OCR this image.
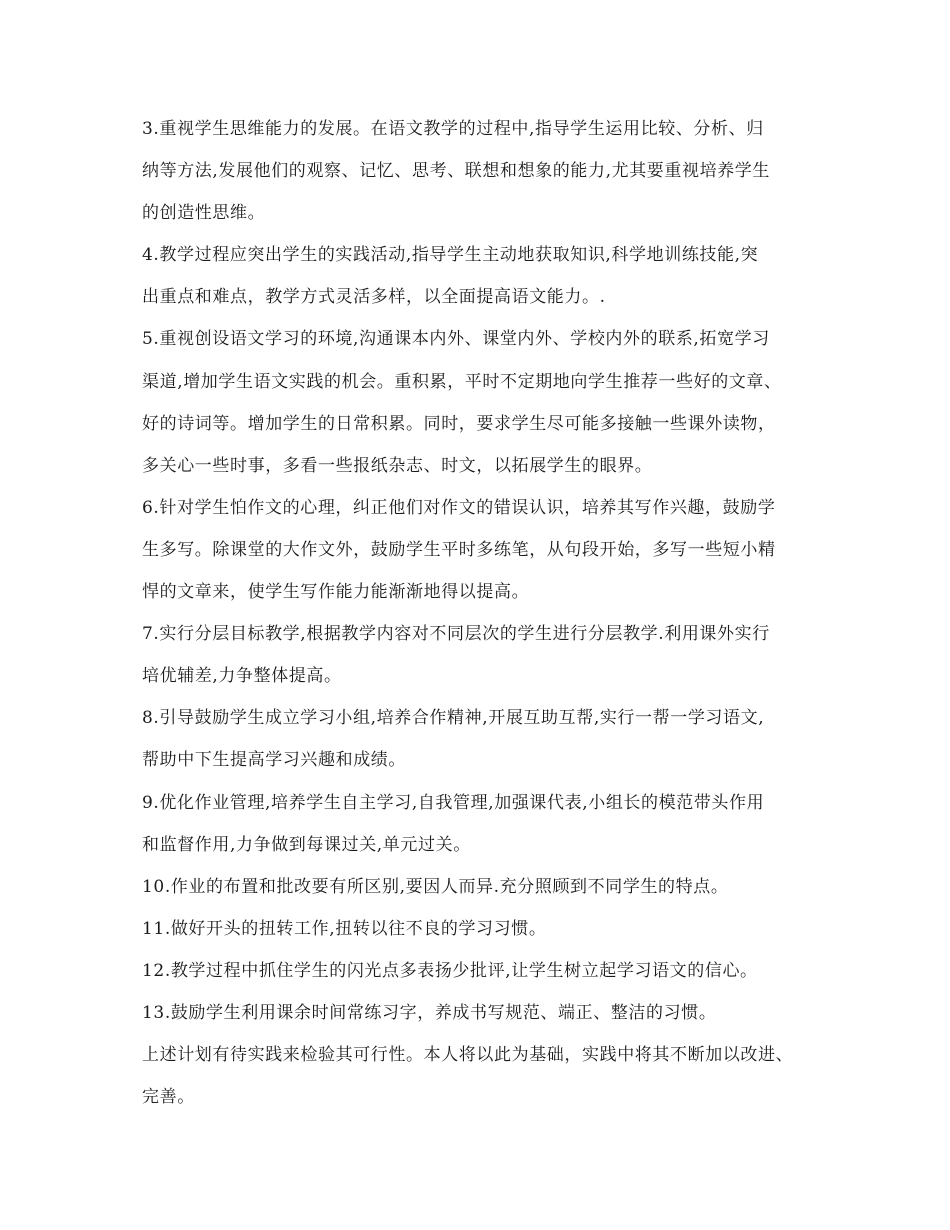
3.重视学生思维能力的发展。在语文教学的过程中,指导学生运用比较、分析、归
纳等方法,发展他们的观察、记忆、思考、联想和想象的能力,尤其要重视培养学生
的创造性思维。
4.教学过程应突出学生的实践活动,指导学生主动地获取知识,科学地训练技能,突
出重点和难点，教学方式灵活多样，以全面提高语文能力。.
5.重视创设语文学习的环境,沟通课本内外、课堂内外、学校内外的联系,拓宽学习
渠道,增加学生语文实践的机会。重积累，平时不定期地向学生推荐一些好的文章、
好的诗词等。增加学生的日常积累。同时，要求学生尽可能多接触一些课外读物，
多关心一些时事，多看一些报纸杂志、时文，以拓展学生的眼界。
6.针对学生怕作文的心理，纠正他们对作文的错误认识，培养其写作兴趣，鼓励学
生多写。除课堂的大作文外，鼓励学生平时多练笔，从句段开始，多写一些短小精
悍的文章来，使学生写作能力能渐渐地得以提高。
7.实行分层目标教学,根据教学内容对不同层次的学生进行分层教学.利用课外实行
培优辅差,力争整体提高。
8.引导鼓励学生成立学习小组,培养合作精神,开展互助互帮,实行一帮一学习语文,
帮助中下生提高学习兴趣和成绩。
9.优化作业管理,培养学生自主学习,自我管理,加强课代表,小组长的模范带头作用
和监督作用,力争做到每课过关,单元过关。
10.作业的布置和批改要有所区别,要因人而异.充分照顾到不同学生的特点。
11.做好开头的扭转工作,扭转以往不良的学习习惯。
12.教学过程中抓住学生的闪光点多表扬少批评,让学生树立起学习语文的信心。
13.鼓励学生利用课余时间常练习字，养成书写规范、端正、整洁的习惯。
上述计划有待实践来检验其可行性。本人将以此为基础，实践中将其不断加以改进、
完善。
